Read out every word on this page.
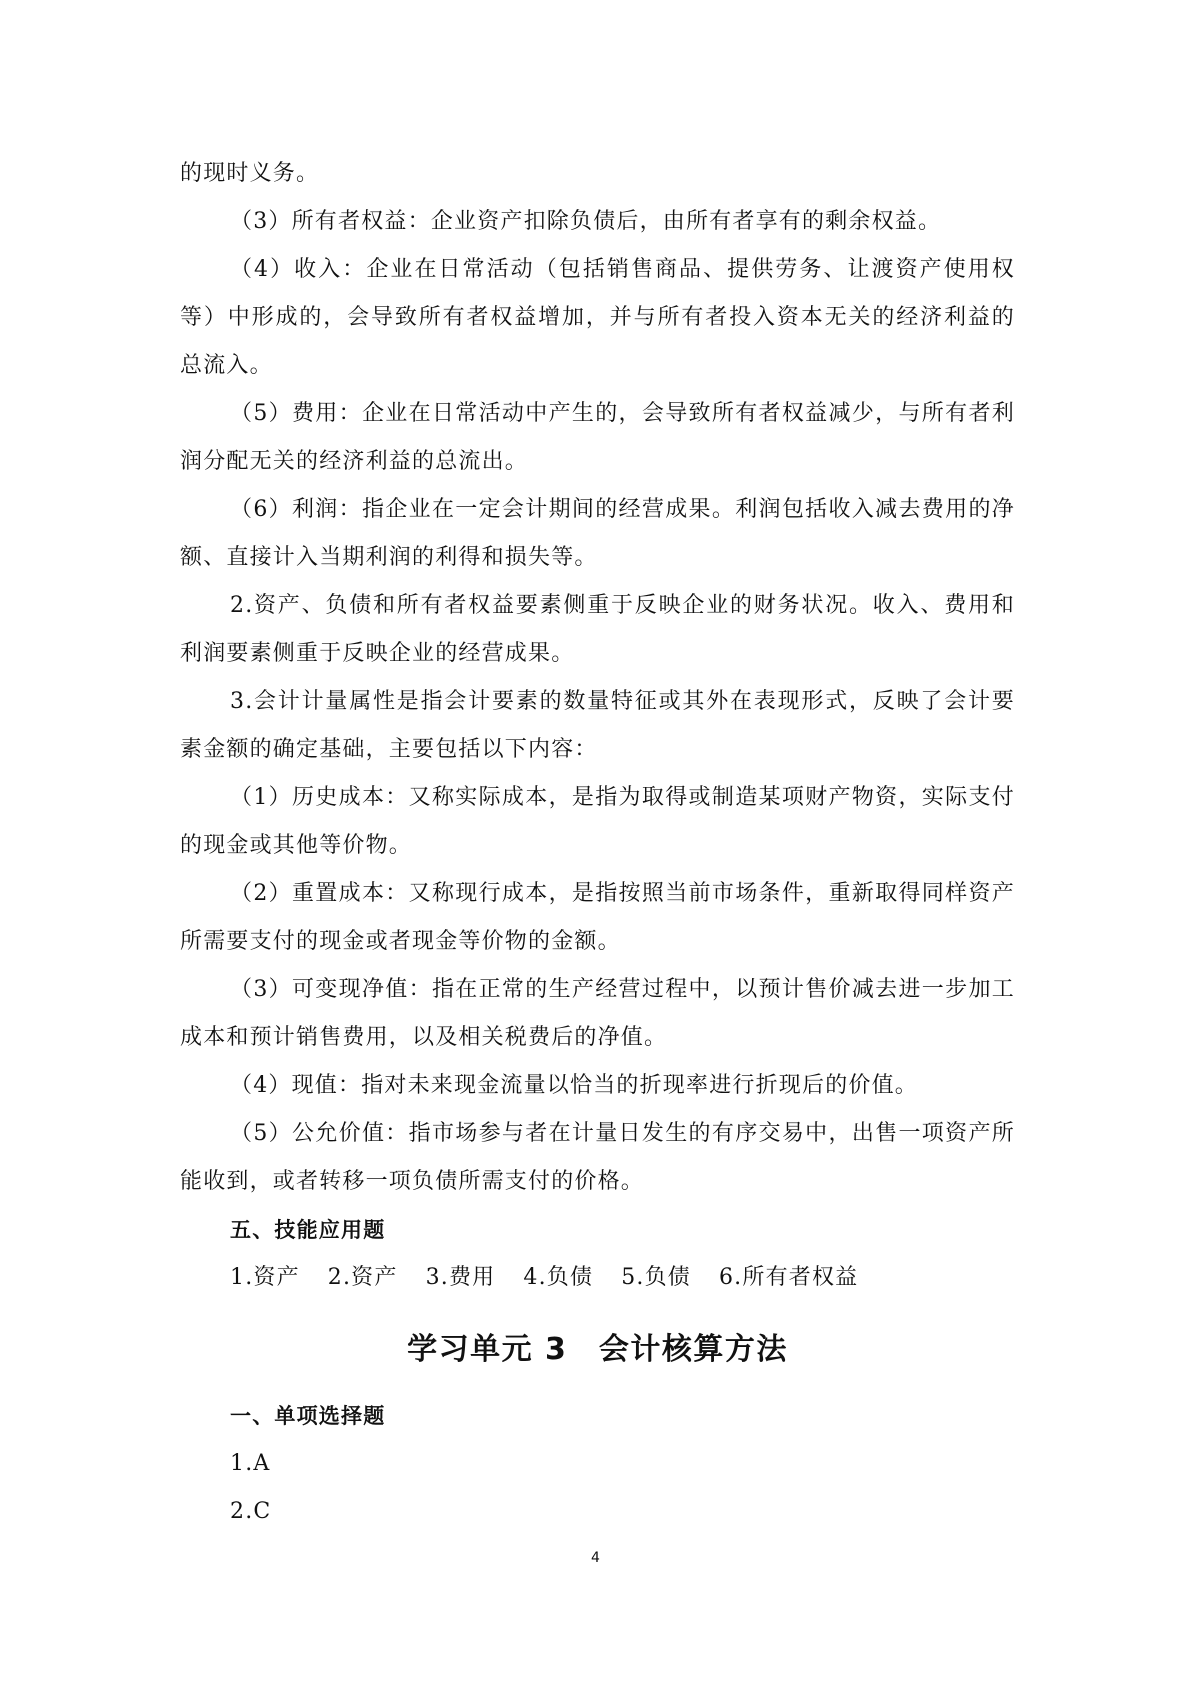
的现时义务。

（3）所有者权益：企业资产扣除负债后，由所有者享有的剩余权益。

（4）收入：企业在日常活动（包括销售商品、提供劳务、让渡资产使用权等）中形成的，会导致所有者权益增加，并与所有者投入资本无关的经济利益的总流入。

（5）费用：企业在日常活动中产生的，会导致所有者权益减少，与所有者利润分配无关的经济利益的总流出。

（6）利润：指企业在一定会计期间的经营成果。利润包括收入减去费用的净额、直接计入当期利润的利得和损失等。

2.资产、负债和所有者权益要素侧重于反映企业的财务状况。收入、费用和利润要素侧重于反映企业的经营成果。

3.会计计量属性是指会计要素的数量特征或其外在表现形式，反映了会计要素金额的确定基础，主要包括以下内容：

（1）历史成本：又称实际成本，是指为取得或制造某项财产物资，实际支付的现金或其他等价物。

（2）重置成本：又称现行成本，是指按照当前市场条件，重新取得同样资产所需要支付的现金或者现金等价物的金额。

（3）可变现净值：指在正常的生产经营过程中，以预计售价减去进一步加工成本和预计销售费用，以及相关税费后的净值。

（4）现值：指对未来现金流量以恰当的折现率进行折现后的价值。

（5）公允价值：指市场参与者在计量日发生的有序交易中，出售一项资产所能收到，或者转移一项负债所需支付的价格。

五、技能应用题

1.资产 2.资产 3.费用 4.负债 5.负债 6.所有者权益
学习单元 3　会计核算方法

一、单项选择题

1.A

2.C

4
